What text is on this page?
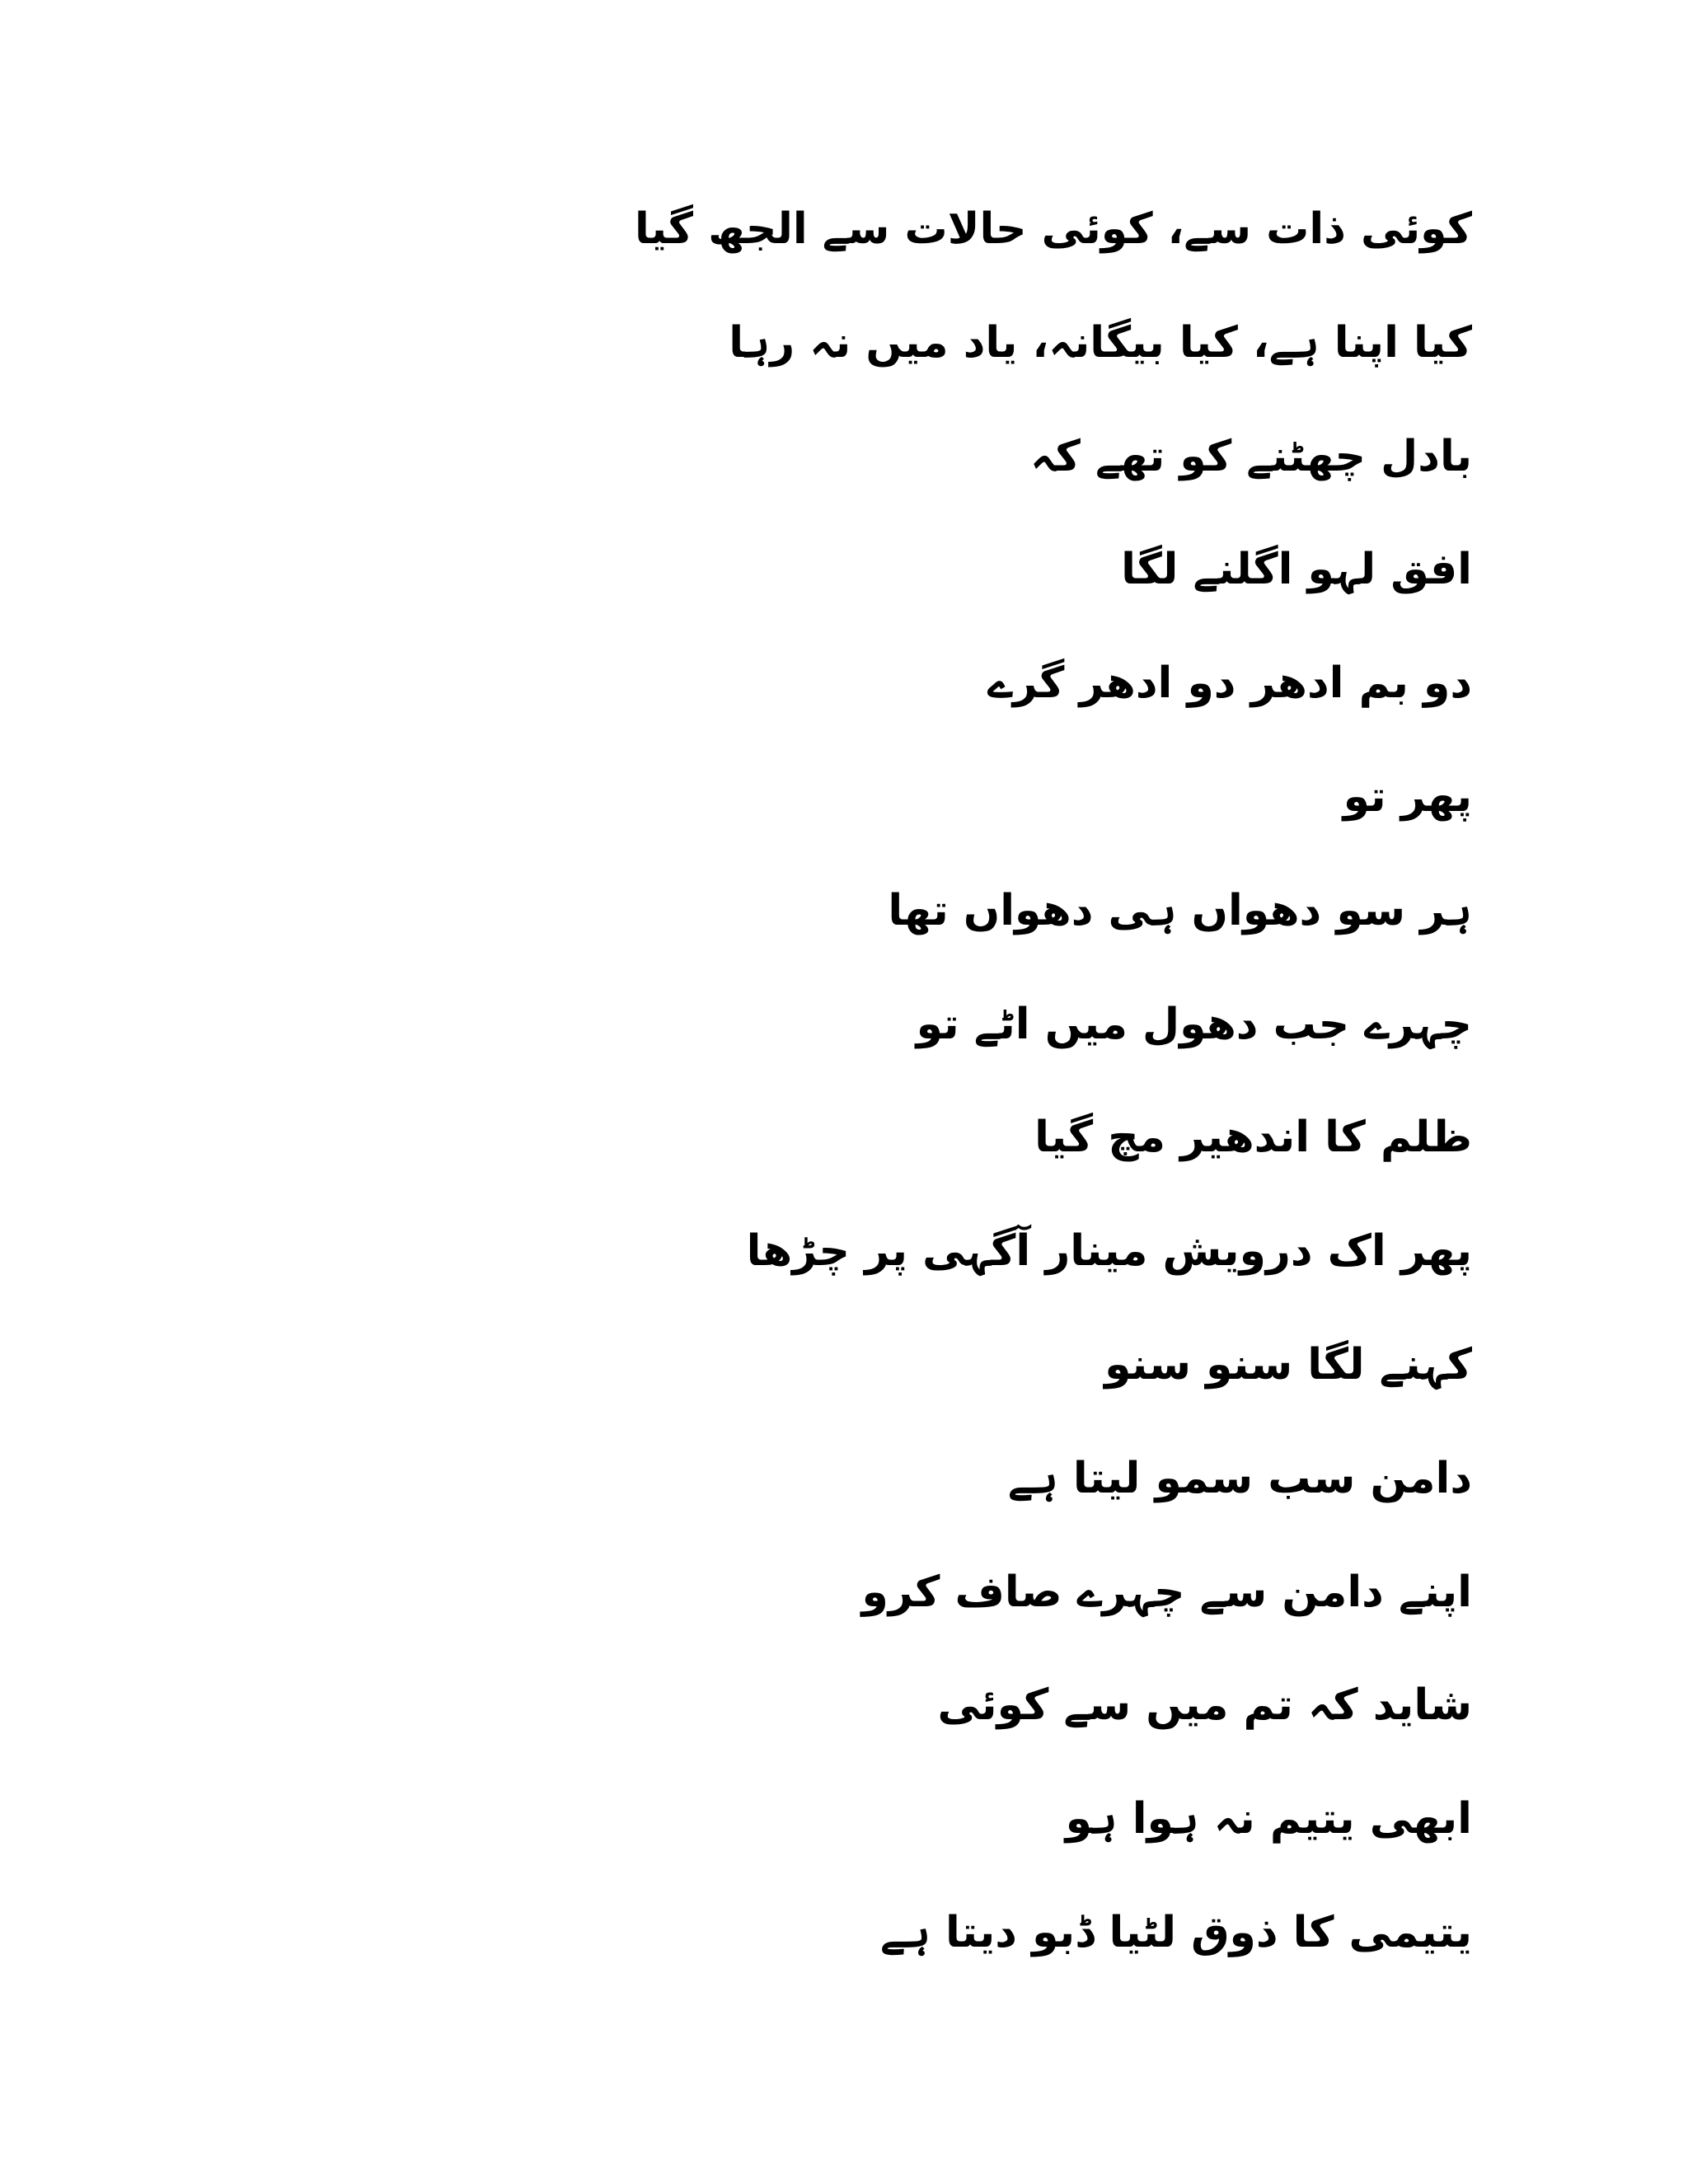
کوئی ذات سے، کوئی حالات سے الجھ گیا
کیا اپنا ہے، کیا بیگانہ، یاد میں نہ رہا
بادل چھٹنے کو تھے کہ
افق لہو اگلنے لگا
دو بم ادھر دو ادھر گرے
پھر تو
ہر سو دھواں ہی دھواں تھا
چہرے جب دھول میں اٹے تو
ظلم کا اندھیر مچ گیا
پھر اک درویش مینار آگہی پر چڑھا
کہنے لگا سنو سنو
دامن سب سمو لیتا ہے
اپنے دامن سے چہرے صاف کرو
شاید کہ تم میں سے کوئی
ابھی یتیم نہ ہوا ہو
یتیمی کا ذوق لٹیا ڈبو دیتا ہے
